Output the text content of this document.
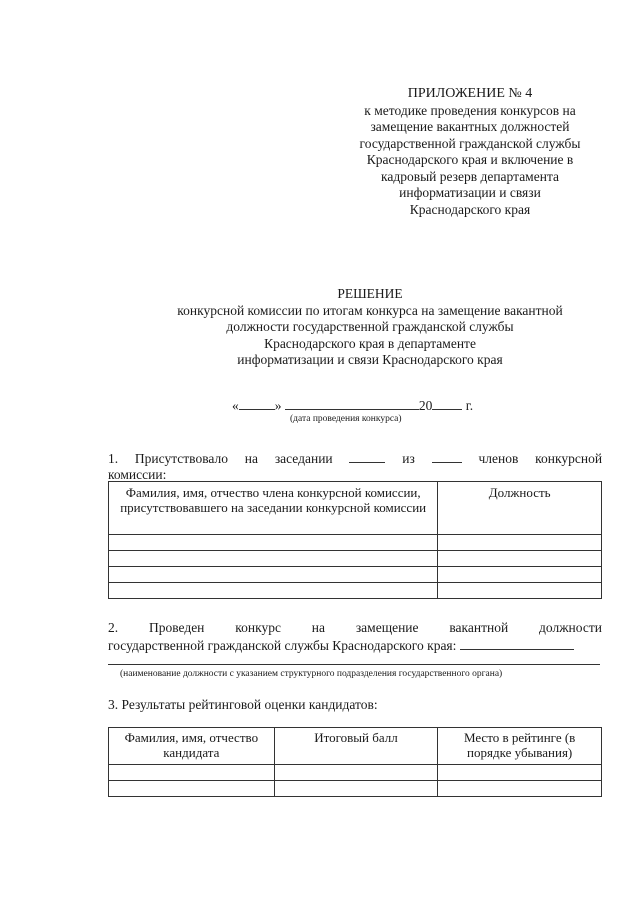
ПРИЛОЖЕНИЕ № 4
к методике проведения конкурсов на
замещение вакантных должностей
государственной гражданской службы
Краснодарского края и включение в
кадровый резерв департамента
информатизации и связи
Краснодарского края
РЕШЕНИЕ
конкурсной комиссии по итогам конкурса на замещение вакантной
должности государственной гражданской службы
Краснодарского края в департаменте
информатизации и связи Краснодарского края
«	»	20 г.
(дата проведения конкурса)
1. Присутствовало на заседании	из	членов конкурсной
комиссии:
Фамилия, имя, отчество члена конкурсной комиссии, присутствовавшего на заседании конкурсной комиссии	Должность

2. Проведен конкурс на замещение вакантной должности
государственной гражданской службы Краснодарского края:
(наименование должности с указанием структурного подразделения государственного органа)
3. Результаты рейтинговой оценки кандидатов:
Фамилия, имя, отчество кандидата	Итоговый балл	Место в рейтинге (в порядке убывания)
